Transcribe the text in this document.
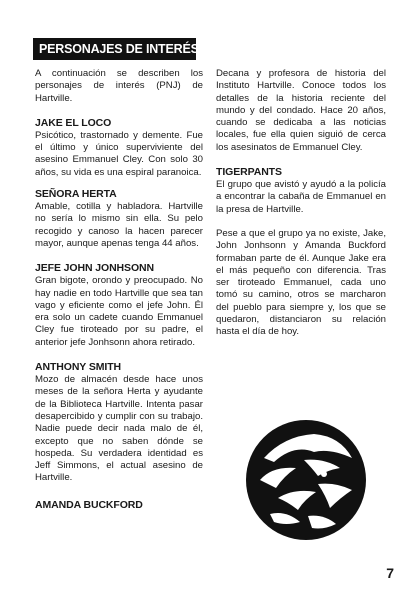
PERSONAJES DE INTERÉS

A continuación se describen los personajes de interés (PNJ) de Hartville.

JAKE EL LOCO

Psicótico, trastornado y demente. Fue el último y único superviviente del asesino Emmanuel Cley. Con solo 30 años, su vida es una espiral paranoica.

SEÑORA HERTA

Amable, cotilla y habladora. Hartville no sería lo mismo sin ella. Su pelo recogido y canoso la hacen parecer mayor, aunque apenas tenga 44 años.

JEFE JOHN JONHSONN

Gran bigote, orondo y preocupado. No hay nadie en todo Hartville que sea tan vago y eficiente como el jefe John. Él era solo un cadete cuando Emmanuel Cley fue tiroteado por su padre, el anterior jefe Jonhsonn ahora retirado.

ANTHONY SMITH

Mozo de almacén desde hace unos meses de la señora Herta y ayudante de la Biblioteca Hartville. Intenta pasar desapercibido y cumplir con su trabajo. Nadie puede decir nada malo de él, excepto que no saben dónde se hospeda. Su verdadera identidad es Jeff Simmons, el actual asesino de Hartville.

AMANDA BUCKFORD

Decana y profesora de historia del Instituto Hartville. Conoce todos los detalles de la historia reciente del mundo y del condado. Hace 20 años, cuando se dedicaba a las noticias locales, fue ella quien siguió de cerca los asesinatos de Emmanuel Cley.

TIGERPANTS

El grupo que avistó y ayudó a la policía a encontrar la cabaña de Emmanuel en la presa de Hartville.

Pese a que el grupo ya no existe, Jake, John Jonhsonn y Amanda Buckford formaban parte de él. Aunque Jake era el más pequeño con diferencia. Tras ser tiroteado Emmanuel, cada uno tomó su camino, otros se marcharon del pueblo para siempre y, los que se quedaron, distanciaron su relación hasta el día de hoy.

7
